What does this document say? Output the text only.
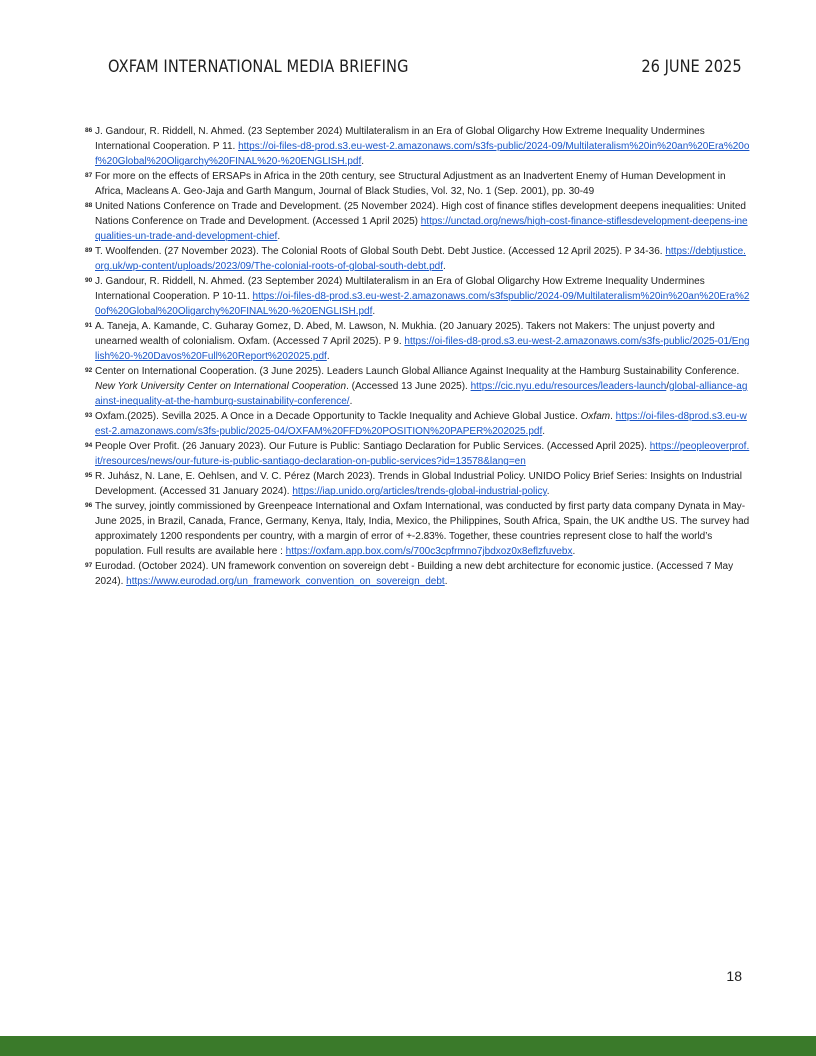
OXFAM INTERNATIONAL MEDIA BRIEFING	26 JUNE 2025
86 J. Gandour, R. Riddell, N. Ahmed. (23 September 2024) Multilateralism in an Era of Global Oligarchy How Extreme Inequality Undermines International Cooperation. P 11. https://oi-files-d8-prod.s3.eu-west-2.amazonaws.com/s3fs-public/2024-09/Multilateralism%20in%20an%20Era%20of%20Global%20Oligarchy%20FINAL%20-%20ENGLISH.pdf.
87 For more on the effects of ERSAPs in Africa in the 20th century, see Structural Adjustment as an Inadvertent Enemy of Human Development in Africa, Macleans A. Geo-Jaja and Garth Mangum, Journal of Black Studies, Vol. 32, No. 1 (Sep. 2001), pp. 30-49
88 United Nations Conference on Trade and Development. (25 November 2024). High cost of finance stifles development deepens inequalities: United Nations Conference on Trade and Development. (Accessed 1 April 2025) https://unctad.org/news/high-cost-finance-stiflesdevelopment-deepens-inequalities-un-trade-and-development-chief.
89 T. Woolfenden. (27 November 2023). The Colonial Roots of Global South Debt. Debt Justice. (Accessed 12 April 2025). P 34-36. https://debtjustice.org.uk/wp-content/uploads/2023/09/The-colonial-roots-of-global-south-debt.pdf.
90 J. Gandour, R. Riddell, N. Ahmed. (23 September 2024) Multilateralism in an Era of Global Oligarchy How Extreme Inequality Undermines International Cooperation. P 10-11. https://oi-files-d8-prod.s3.eu-west-2.amazonaws.com/s3fspublic/2024-09/Multilateralism%20in%20an%20Era%20of%20Global%20Oligarchy%20FINAL%20-%20ENGLISH.pdf.
91 A. Taneja, A. Kamande, C. Guharay Gomez, D. Abed, M. Lawson, N. Mukhia. (20 January 2025). Takers not Makers: The unjust poverty and unearned wealth of colonialism. Oxfam. (Accessed 7 April 2025). P 9. https://oi-files-d8-prod.s3.eu-west-2.amazonaws.com/s3fs-public/2025-01/English%20-%20Davos%20Full%20Report%202025.pdf.
92 Center on International Cooperation. (3 June 2025). Leaders Launch Global Alliance Against Inequality at the Hamburg Sustainability Conference. New York University Center on International Cooperation. (Accessed 13 June 2025). https://cic.nyu.edu/resources/leaders-launch/global-alliance-against-inequality-at-the-hamburg-sustainability-conference/.
93 Oxfam.(2025). Sevilla 2025. A Once in a Decade Opportunity to Tackle Inequality and Achieve Global Justice. Oxfam. https://oi-files-d8prod.s3.eu-west-2.amazonaws.com/s3fs-public/2025-04/OXFAM%20FFD%20POSITION%20PAPER%202025.pdf.
94 People Over Profit. (26 January 2023). Our Future is Public: Santiago Declaration for Public Services. (Accessed April 2025). https://peopleoverprof.it/resources/news/our-future-is-public-santiago-declaration-on-public-services?id=13578&lang=en
95 R. Juhász, N. Lane, E. Oehlsen, and V. C. Pérez (March 2023). Trends in Global Industrial Policy. UNIDO Policy Brief Series: Insights on Industrial Development. (Accessed 31 January 2024). https://iap.unido.org/articles/trends-global-industrial-policy.
96 The survey, jointly commissioned by Greenpeace International and Oxfam International, was conducted by first party data company Dynata in May-June 2025, in Brazil, Canada, France, Germany, Kenya, Italy, India, Mexico, the Philippines, South Africa, Spain, the UK andthe US. The survey had approximately 1200 respondents per country, with a margin of error of +-2.83%. Together, these countries represent close to half the world’s population. Full results are available here : https://oxfam.app.box.com/s/700c3cpfrmno7jbdxoz0x8eflzfuvebx.
97 Eurodad. (October 2024). UN framework convention on sovereign debt - Building a new debt architecture for economic justice. (Accessed 7 May 2024). https://www.eurodad.org/un_framework_convention_on_sovereign_debt.
18
